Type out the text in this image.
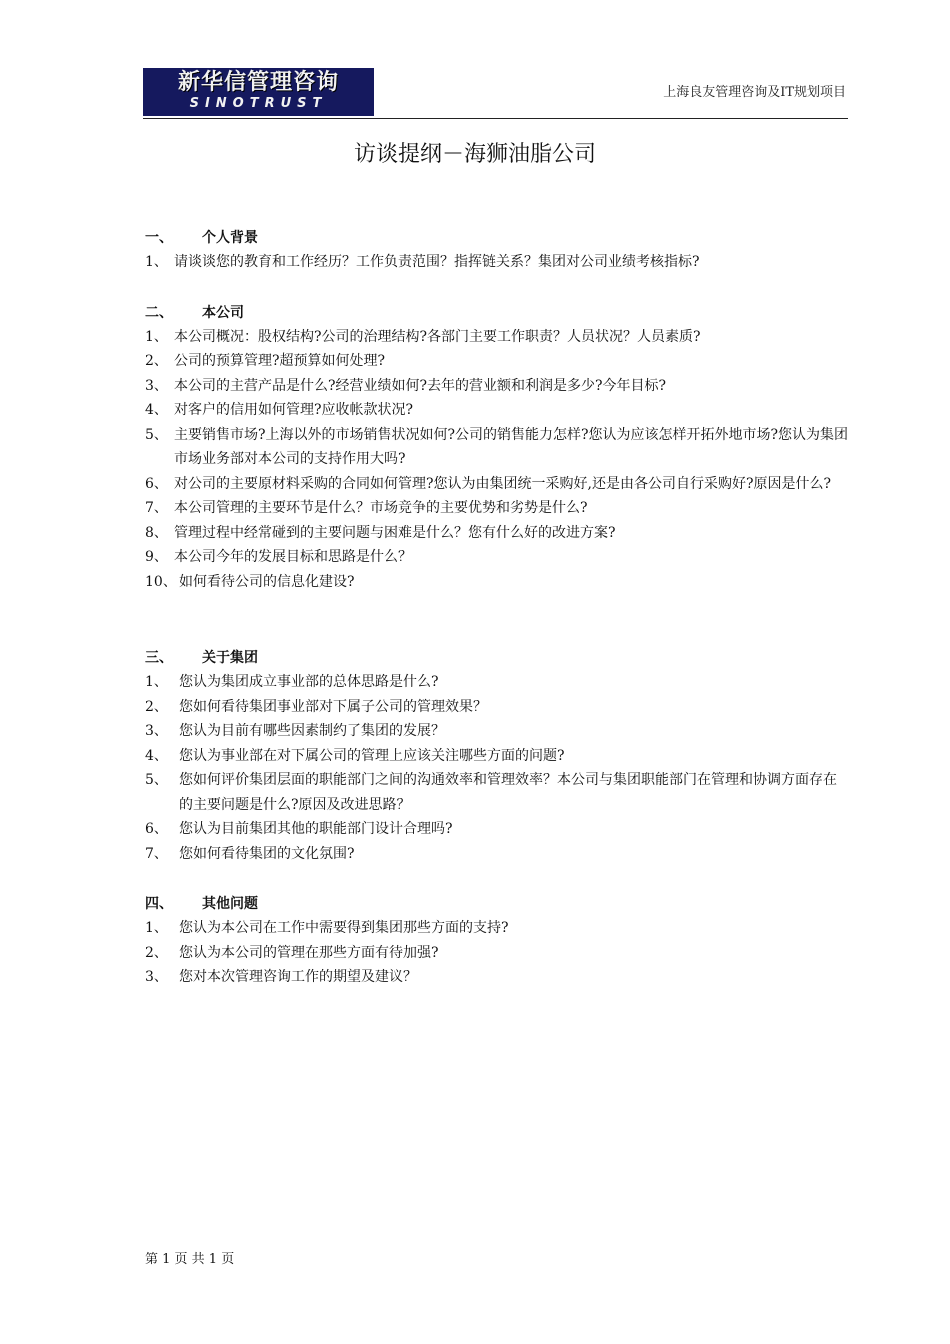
新华信管理咨询
SINOTRUST
上海良友管理咨询及IT规划项目
访谈提纲－海狮油脂公司
一、 个人背景
1、 请谈谈您的教育和工作经历？工作负责范围？指挥链关系？集团对公司业绩考核指标?
二、 本公司
1、 本公司概况：股权结构?公司的治理结构?各部门主要工作职责？人员状况？人员素质?
2、 公司的预算管理?超预算如何处理?
3、 本公司的主营产品是什么?经营业绩如何?去年的营业额和利润是多少?今年目标?
4、 对客户的信用如何管理?应收帐款状况?
5、 主要销售市场?上海以外的市场销售状况如何?公司的销售能力怎样?您认为应该怎样开拓外地市场?您认为集团市场业务部对本公司的支持作用大吗?
6、 对公司的主要原材料采购的合同如何管理?您认为由集团统一采购好,还是由各公司自行采购好?原因是什么?
7、 本公司管理的主要环节是什么？市场竞争的主要优势和劣势是什么?
8、 管理过程中经常碰到的主要问题与困难是什么？您有什么好的改进方案?
9、 本公司今年的发展目标和思路是什么？
10、 如何看待公司的信息化建设?
三、 关于集团
1、 您认为集团成立事业部的总体思路是什么?
2、 您如何看待集团事业部对下属子公司的管理效果？
3、 您认为目前有哪些因素制约了集团的发展？
4、 您认为事业部在对下属公司的管理上应该关注哪些方面的问题?
5、 您如何评价集团层面的职能部门之间的沟通效率和管理效率？本公司与集团职能部门在管理和协调方面存在的主要问题是什么?原因及改进思路？
6、 您认为目前集团其他的职能部门设计合理吗?
7、 您如何看待集团的文化氛围?
四、 其他问题
1、 您认为本公司在工作中需要得到集团那些方面的支持?
2、 您认为本公司的管理在那些方面有待加强?
3、 您对本次管理咨询工作的期望及建议？
第 1 页 共 1 页
